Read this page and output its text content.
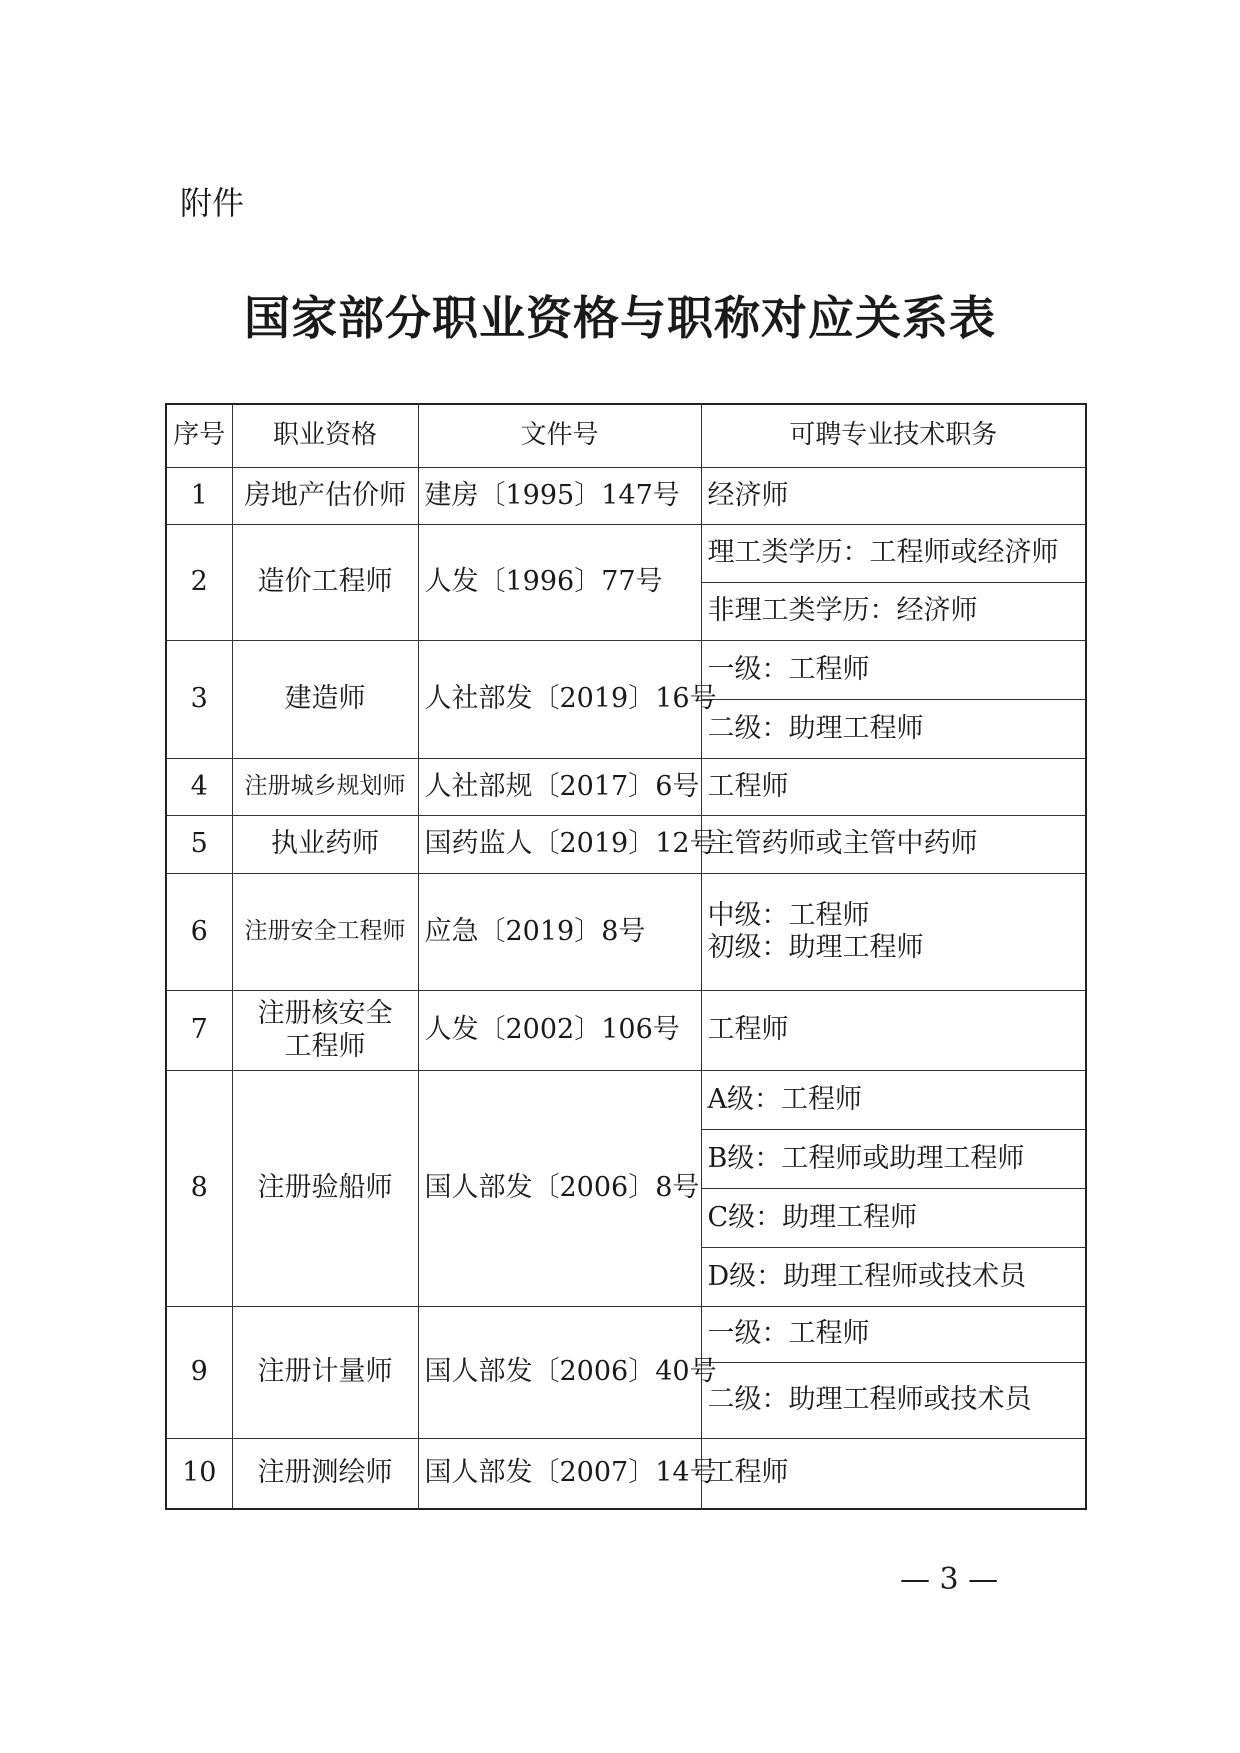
附件
国家部分职业资格与职称对应关系表
序号	职业资格	文件号	可聘专业技术职务
1	房地产估价师	建房〔1995〕147号	经济师
2	造价工程师	人发〔1996〕77号	理工类学历：工程师或经济师
			非理工类学历：经济师
3	建造师	人社部发〔2019〕16号	一级：工程师
			二级：助理工程师
4	注册城乡规划师	人社部规〔2017〕6号	工程师
5	执业药师	国药监人〔2019〕12号	主管药师或主管中药师
6	注册安全工程师	应急〔2019〕8号	中级：工程师
初级：助理工程师

7	注册核安全工程师	人发〔2002〕106号	工程师
8	注册验船师	国人部发〔2006〕8号	A级：工程师
			B级：工程师或助理工程师
			C级：助理工程师
			D级：助理工程师或技术员
9	注册计量师	国人部发〔2006〕40号	一级：工程师
			二级：助理工程师或技术员
10	注册测绘师	国人部发〔2007〕14号	工程师
— 3 —
